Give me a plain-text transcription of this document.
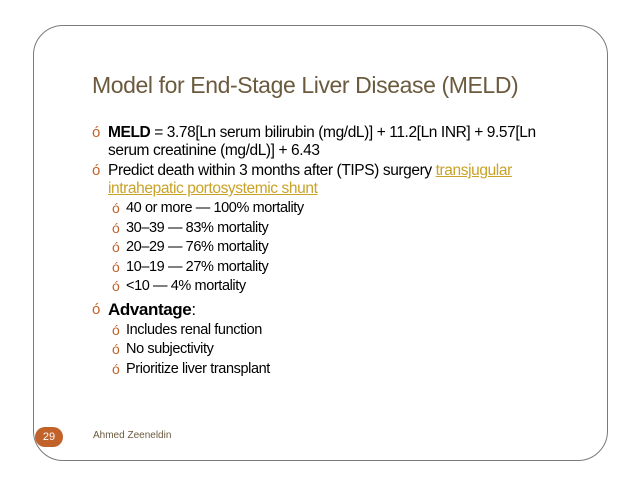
Model for End-Stage Liver Disease (MELD)
ó MELD = 3.78[Ln serum bilirubin (mg/dL)] + 11.2[Ln INR] + 9.57[Ln serum creatinine (mg/dL)] + 6.43
ó Predict death within 3 months after (TIPS) surgery transjugular intrahepatic portosystemic shunt
ó 40 or more — 100% mortality
ó 30–39 — 83% mortality
ó 20–29 — 76% mortality
ó 10–19 — 27% mortality
ó <10 — 4% mortality
ó Advantage:
ó Includes renal function
ó No subjectivity
ó Prioritize liver transplant
29	Ahmed Zeeneldin
